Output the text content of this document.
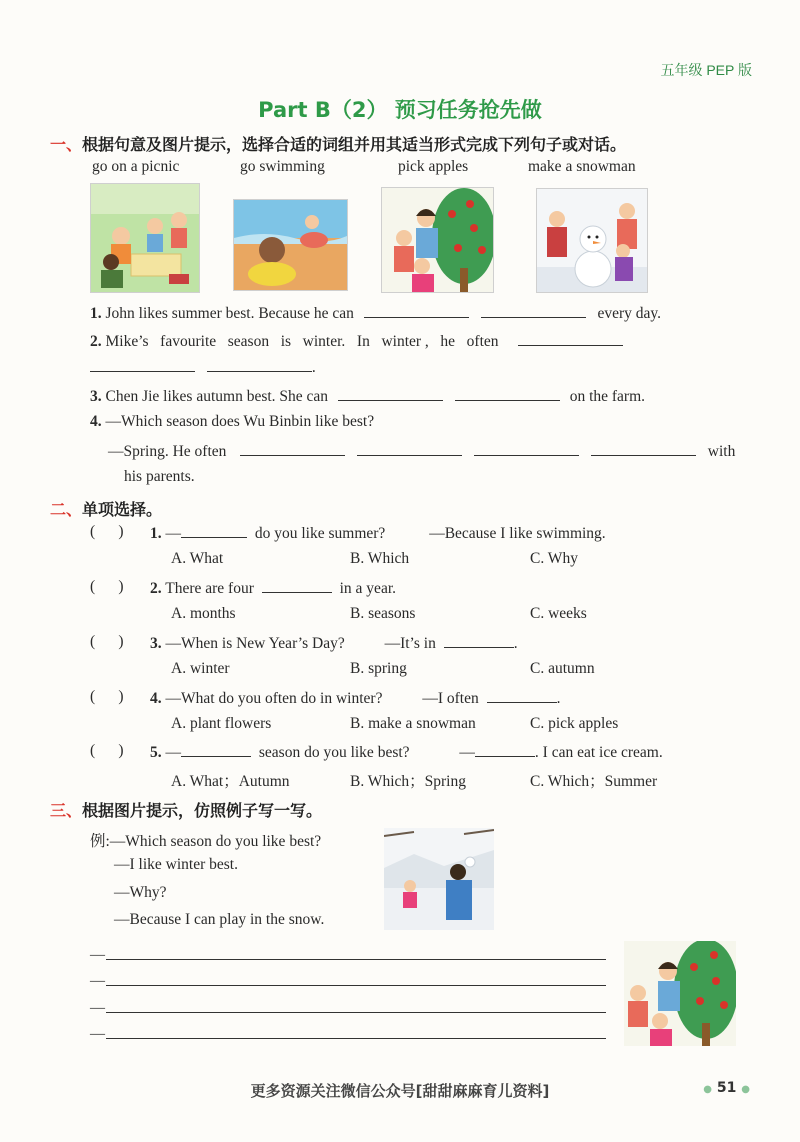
五年级 PEP 版
Part B（2） 预习任务抢先做
一、根据句意及图片提示，选择合适的词组并用其适当形式完成下列句子或对话。
go on a picnic	go swimming	pick apples	make a snowman
1. John likes summer best. Because he can	every day.
2. Mike’s   favourite   season   is   winter.   In   winter ,   he   often
.
3. Chen Jie likes autumn best. She can	on the farm.
4. —Which season does Wu Binbin like best?
—Spring. He often	with
his parents.
二、单项选择。
(      ) 1. —	do you like summer?	—Because I like swimming.
A. What	B. Which	C. Why
(      ) 2. There are four	in a year.
A. months	B. seasons	C. weeks
(      ) 3. —When is New Year’s Day?	—It’s in	.
A. winter	B. spring	C. autumn
(      ) 4. —What do you often do in winter?	—I often	.
A. plant flowers	B. make a snowman	C. pick apples
(      ) 5. —	season do you like best?	—	. I can eat ice cream.
A. What；Autumn	B. Which；Spring	C. Which；Summer
三、根据图片提示，仿照例子写一写。
例:—Which season do you like best?
—I like winter best.
—Why?
—Because I can play in the snow.
—
—
—
—
更多资源关注微信公众号[甜甜麻麻育儿资料]	● 51 ●
